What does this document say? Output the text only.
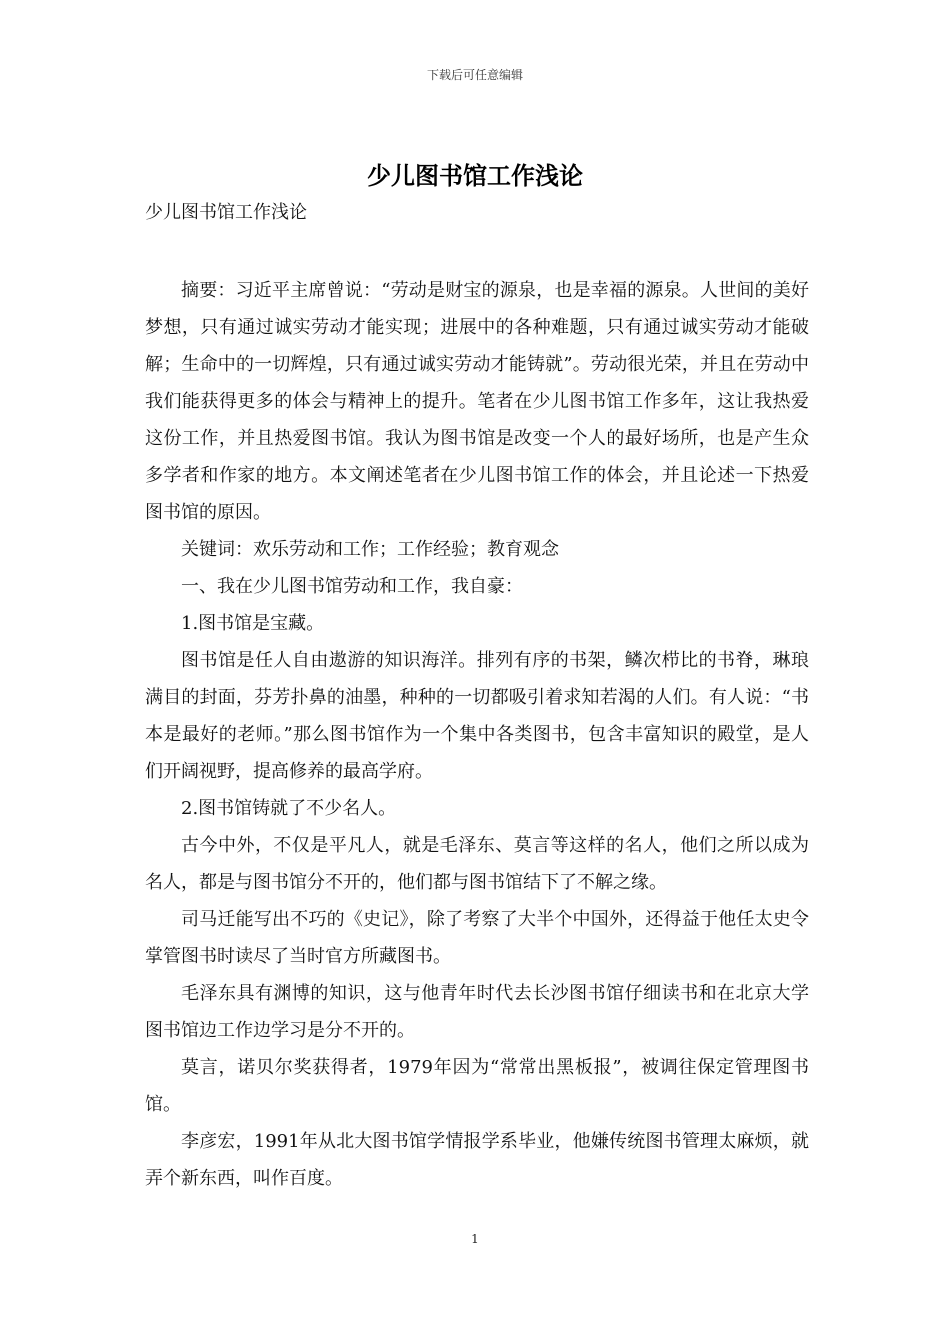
下载后可任意编辑
少儿图书馆工作浅论
少儿图书馆工作浅论

摘要：习近平主席曾说：“劳动是财宝的源泉，也是幸福的源泉。人世间的美好梦想，只有通过诚实劳动才能实现；进展中的各种难题，只有通过诚实劳动才能破解；生命中的一切辉煌，只有通过诚实劳动才能铸就”。劳动很光荣，并且在劳动中我们能获得更多的体会与精神上的提升。笔者在少儿图书馆工作多年，这让我热爱这份工作，并且热爱图书馆。我认为图书馆是改变一个人的最好场所，也是产生众多学者和作家的地方。本文阐述笔者在少儿图书馆工作的体会，并且论述一下热爱图书馆的原因。

关键词：欢乐劳动和工作；工作经验；教育观念

一、我在少儿图书馆劳动和工作，我自豪：

1.图书馆是宝藏。

图书馆是任人自由遨游的知识海洋。排列有序的书架，鳞次栉比的书脊，琳琅满目的封面，芬芳扑鼻的油墨，种种的一切都吸引着求知若渴的人们。有人说：“书本是最好的老师。”那么图书馆作为一个集中各类图书，包含丰富知识的殿堂，是人们开阔视野，提高修养的最高学府。

2.图书馆铸就了不少名人。

古今中外，不仅是平凡人，就是毛泽东、莫言等这样的名人，他们之所以成为名人，都是与图书馆分不开的，他们都与图书馆结下了不解之缘。

司马迁能写出不巧的《史记》，除了考察了大半个中国外，还得益于他任太史令掌管图书时读尽了当时官方所藏图书。

毛泽东具有渊博的知识，这与他青年时代去长沙图书馆仔细读书和在北京大学图书馆边工作边学习是分不开的。

莫言，诺贝尔奖获得者，1979年因为“常常出黑板报”，被调往保定管理图书馆。

李彦宏，1991年从北大图书馆学情报学系毕业，他嫌传统图书管理太麻烦，就弄个新东西，叫作百度。

1
